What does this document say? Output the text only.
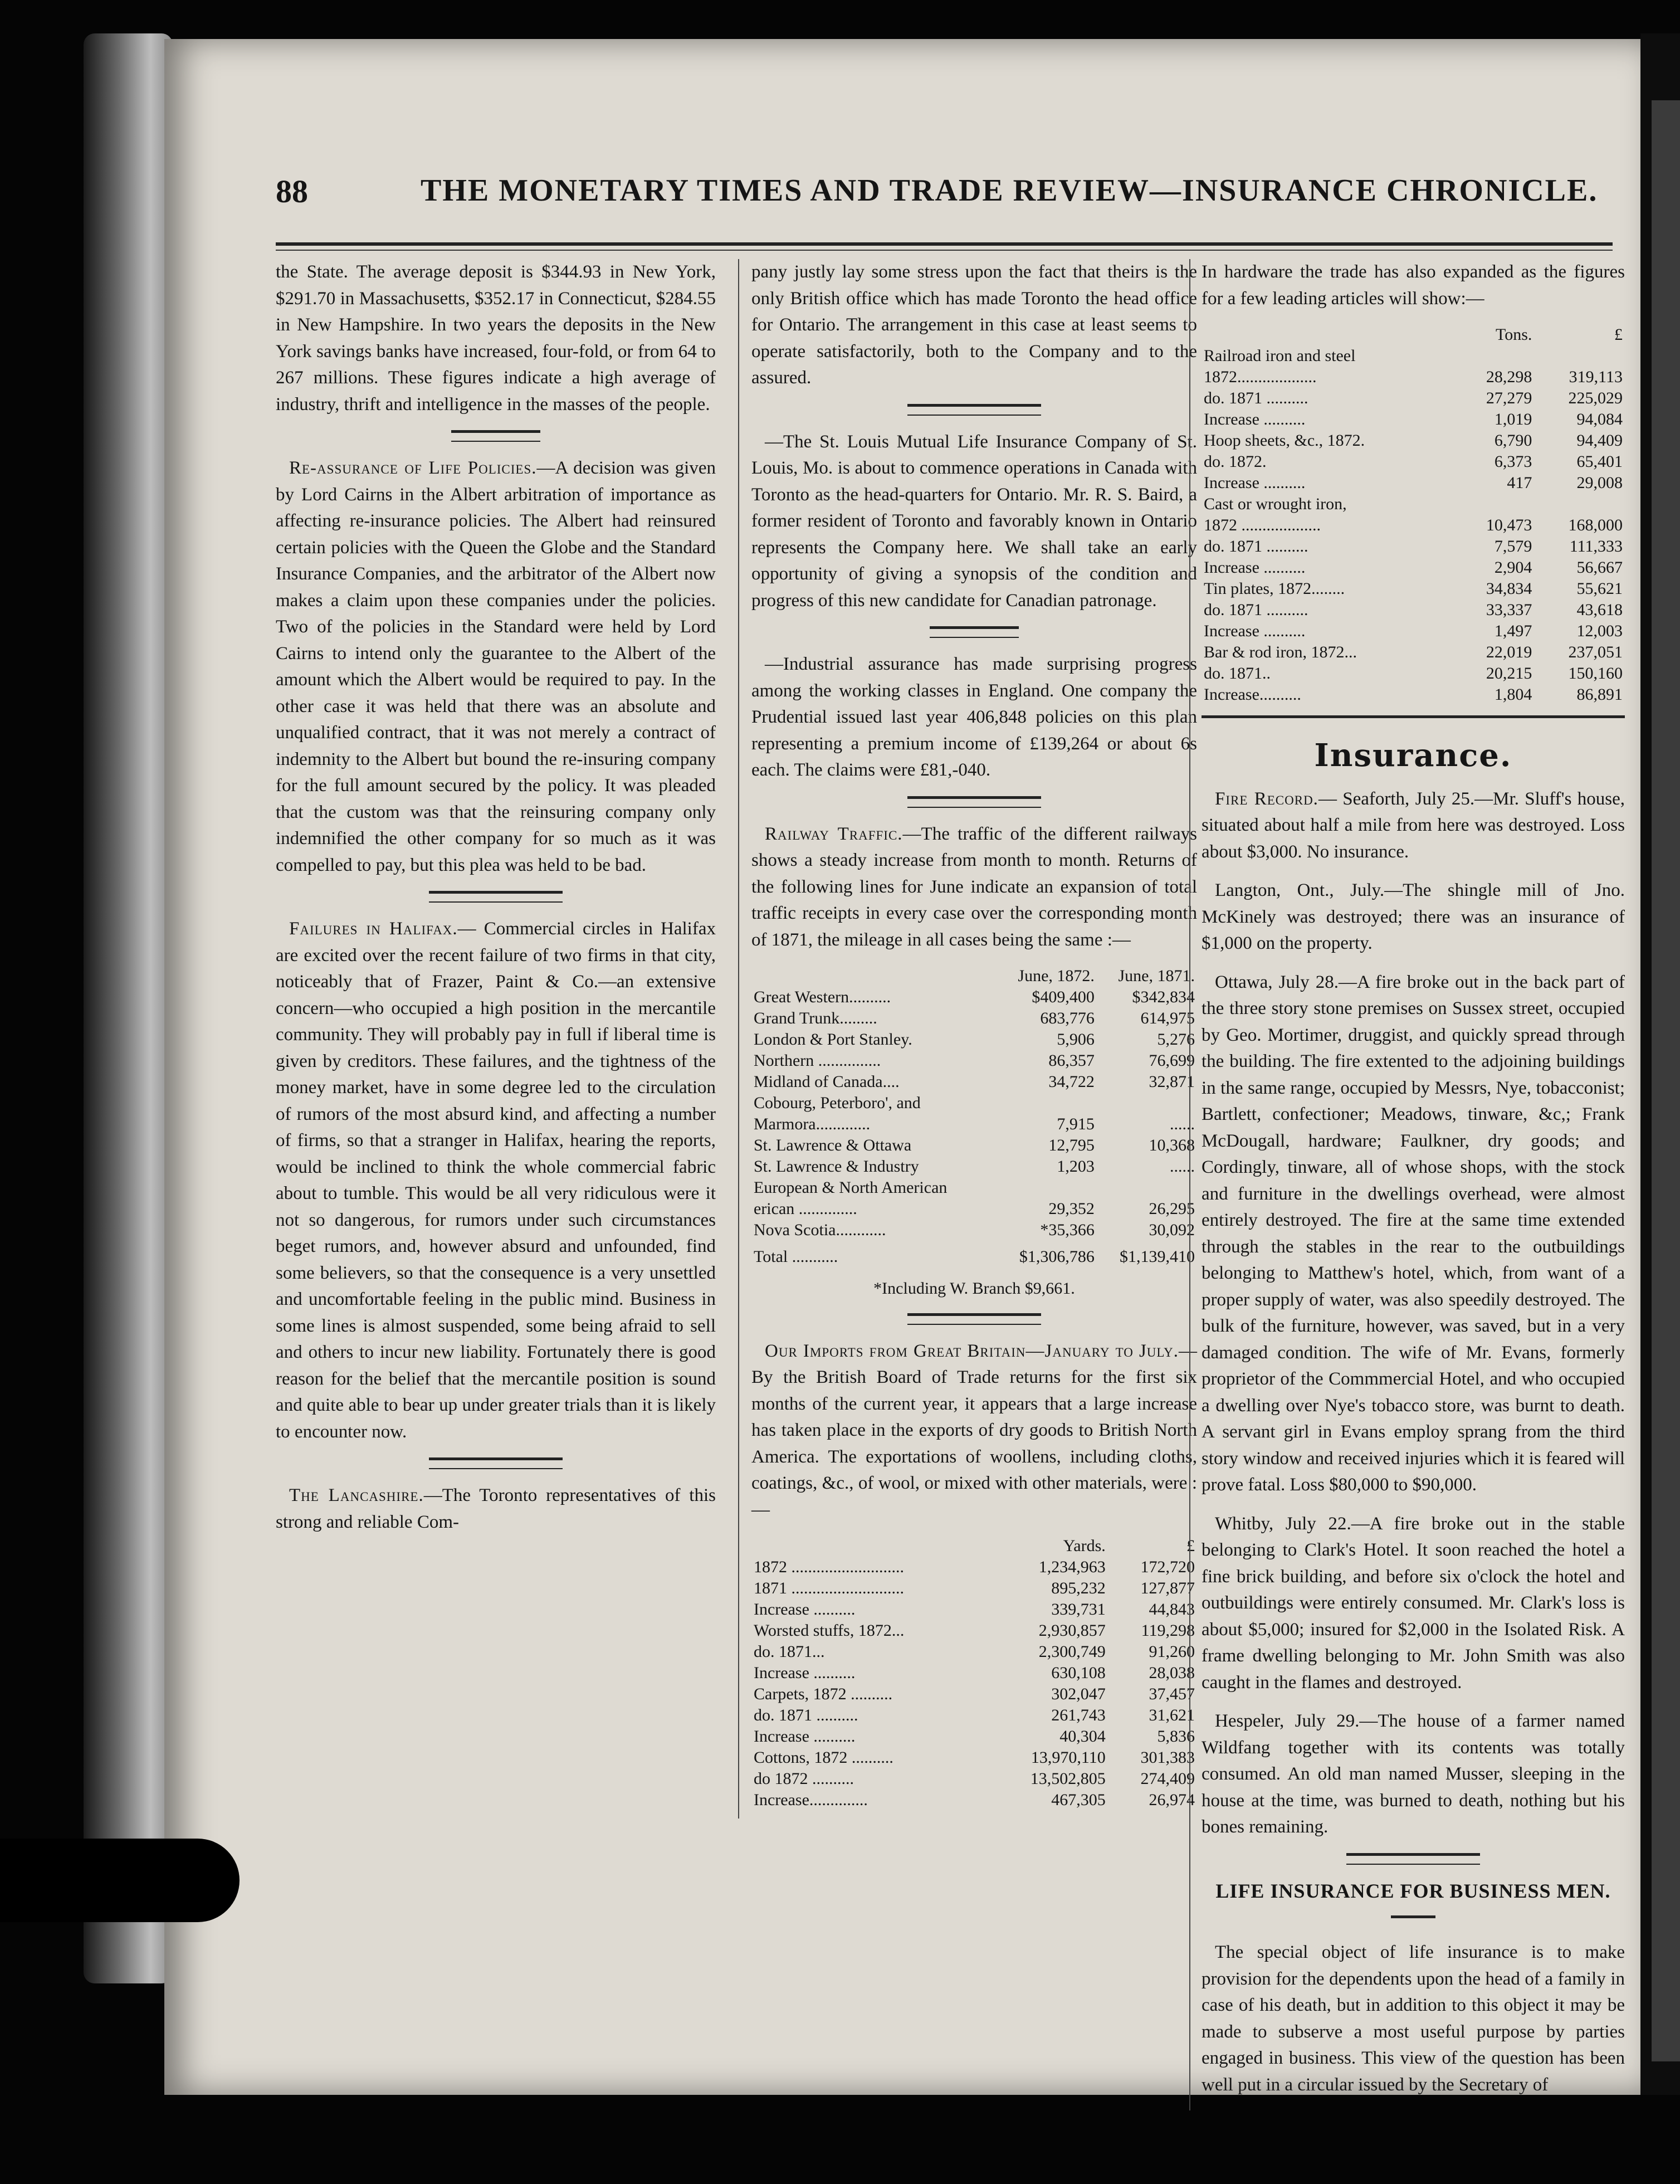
88	THE MONETARY TIMES AND TRADE REVIEW—INSURANCE CHRONICLE.

the State. The average deposit is $344.93 in New York, $291.70 in Massachusetts, $352.17 in Connecticut, $284.55 in New Hampshire. In two years the deposits in the New York savings banks have increased, four-fold, or from 64 to 267 millions. These figures indicate a high average of industry, thrift and intelligence in the masses of the people.

Re-assurance of Life Policies.—A decision was given by Lord Cairns in the Albert arbitration of importance as affecting re-insurance policies. The Albert had reinsured certain policies with the Queen the Globe and the Standard Insurance Companies, and the arbitrator of the Albert now makes a claim upon these companies under the policies. Two of the policies in the Standard were held by Lord Cairns to intend only the guarantee to the Albert of the amount which the Albert would be required to pay. In the other case it was held that there was an absolute and unqualified contract, that it was not merely a contract of indemnity to the Albert but bound the re-insuring company for the full amount secured by the policy. It was pleaded that the custom was that the reinsuring company only indemnified the other company for so much as it was compelled to pay, but this plea was held to be bad.

Failures in Halifax.— Commercial circles in Halifax are excited over the recent failure of two firms in that city, noticeably that of Frazer, Paint & Co.—an extensive concern—who occupied a high position in the mercantile community. They will probably pay in full if liberal time is given by creditors. These failures, and the tightness of the money market, have in some degree led to the circulation of rumors of the most absurd kind, and affecting a number of firms, so that a stranger in Halifax, hearing the reports, would be inclined to think the whole commercial fabric about to tumble. This would be all very ridiculous were it not so dangerous, for rumors under such circumstances beget rumors, and, however absurd and unfounded, find some believers, so that the consequence is a very unsettled and uncomfortable feeling in the public mind. Business in some lines is almost suspended, some being afraid to sell and others to incur new liability. Fortunately there is good reason for the belief that the mercantile position is sound and quite able to bear up under greater trials than it is likely to encounter now.

The Lancashire.—The Toronto representatives of this strong and reliable Com-

pany justly lay some stress upon the fact that theirs is the only British office which has made Toronto the head office for Ontario. The arrangement in this case at least seems to operate satisfactorily, both to the Company and to the assured.

—The St. Louis Mutual Life Insurance Company of St. Louis, Mo. is about to commence operations in Canada with Toronto as the head-quarters for Ontario. Mr. R. S. Baird, a former resident of Toronto and favorably known in Ontario represents the Company here. We shall take an early opportunity of giving a synopsis of the condition and progress of this new candidate for Canadian patronage.

—Industrial assurance has made surprising progress among the working classes in England. One company the Prudential issued last year 406,848 policies on this plan representing a premium income of £139,264 or about 6s each. The claims were £81,-040.

Railway Traffic.—The traffic of the different railways shows a steady increase from month to month. Returns of the following lines for June indicate an expansion of total traffic receipts in every case over the corresponding month of 1871, the mileage in all cases being the same :—

	June, 1872.	June, 1871.
Great Western..........	$409,400	$342,834
Grand Trunk.........	683,776	614,975
London & Port Stanley.	5,906	5,276
Northern ...............	86,357	76,699
Midland of Canada....	34,722	32,871
Cobourg, Peterboro', and		
Marmora.............	7,915	......
St. Lawrence & Ottawa	12,795	10,368
St. Lawrence & Industry	1,203	......
European & North American		
erican ..............	29,352	26,295
Nova Scotia............	*35,366	30,092
Total ...........	$1,306,786	$1,139,410
*Including W. Branch $9,661.

Our Imports from Great Britain—January to July.—By the British Board of Trade returns for the first six months of the current year, it appears that a large increase has taken place in the exports of dry goods to British North America. The exportations of woollens, including cloths, coatings, &c., of wool, or mixed with other materials, were :—

	Yards.	£
1872 ...........................	1,234,963	172,720
1871 ...........................	895,232	127,877
Increase ..........	339,731	44,843
Worsted stuffs, 1872...	2,930,857	119,298
do. 1871...	2,300,749	91,260
Increase ..........	630,108	28,038
Carpets, 1872 ..........	302,047	37,457
do. 1871 ..........	261,743	31,621
Increase ..........	40,304	5,836
Cottons, 1872 ..........	13,970,110	301,383
do 1872 ..........	13,502,805	274,409
Increase..............	467,305	26,974

In hardware the trade has also expanded as the figures for a few leading articles will show:—

	Tons.	£
Railroad iron and steel		
1872...................	28,298	319,113
do. 1871 ..........	27,279	225,029
Increase ..........	1,019	94,084
Hoop sheets, &c., 1872.	6,790	94,409
do. 1872.	6,373	65,401
Increase ..........	417	29,008
Cast or wrought iron,		
1872 ...................	10,473	168,000
do. 1871 ..........	7,579	111,333
Increase ..........	2,904	56,667
Tin plates, 1872........	34,834	55,621
do. 1871 ..........	33,337	43,618
Increase ..........	1,497	12,003
Bar & rod iron, 1872...	22,019	237,051
do. 1871..	20,215	150,160
Increase..........	1,804	86,891
Insurance.

Fire Record.— Seaforth, July 25.—Mr. Sluff's house, situated about half a mile from here was destroyed. Loss about $3,000. No insurance.

Langton, Ont., July.—The shingle mill of Jno. McKinely was destroyed; there was an insurance of $1,000 on the property.

Ottawa, July 28.—A fire broke out in the back part of the three story stone premises on Sussex street, occupied by Geo. Mortimer, druggist, and quickly spread through the building. The fire extented to the adjoining buildings in the same range, occupied by Messrs, Nye, tobacconist; Bartlett, confectioner; Meadows, tinware, &c,; Frank McDougall, hardware; Faulkner, dry goods; and Cordingly, tinware, all of whose shops, with the stock and furniture in the dwellings overhead, were almost entirely destroyed. The fire at the same time extended through the stables in the rear to the outbuildings belonging to Matthew's hotel, which, from want of a proper supply of water, was also speedily destroyed. The bulk of the furniture, however, was saved, but in a very damaged condition. The wife of Mr. Evans, formerly proprietor of the Commmercial Hotel, and who occupied a dwelling over Nye's tobacco store, was burnt to death. A servant girl in Evans employ sprang from the third story window and received injuries which it is feared will prove fatal. Loss $80,000 to $90,000.

Whitby, July 22.—A fire broke out in the stable belonging to Clark's Hotel. It soon reached the hotel a fine brick building, and before six o'clock the hotel and outbuildings were entirely consumed. Mr. Clark's loss is about $5,000; insured for $2,000 in the Isolated Risk. A frame dwelling belonging to Mr. John Smith was also caught in the flames and destroyed.

Hespeler, July 29.—The house of a farmer named Wildfang together with its contents was totally consumed. An old man named Musser, sleeping in the house at the time, was burned to death, nothing but his bones remaining.

LIFE INSURANCE FOR BUSINESS MEN.

The special object of life insurance is to make provision for the dependents upon the head of a family in case of his death, but in addition to this object it may be made to subserve a most useful purpose by parties engaged in business. This view of the question has been well put in a circular issued by the Secretary of
